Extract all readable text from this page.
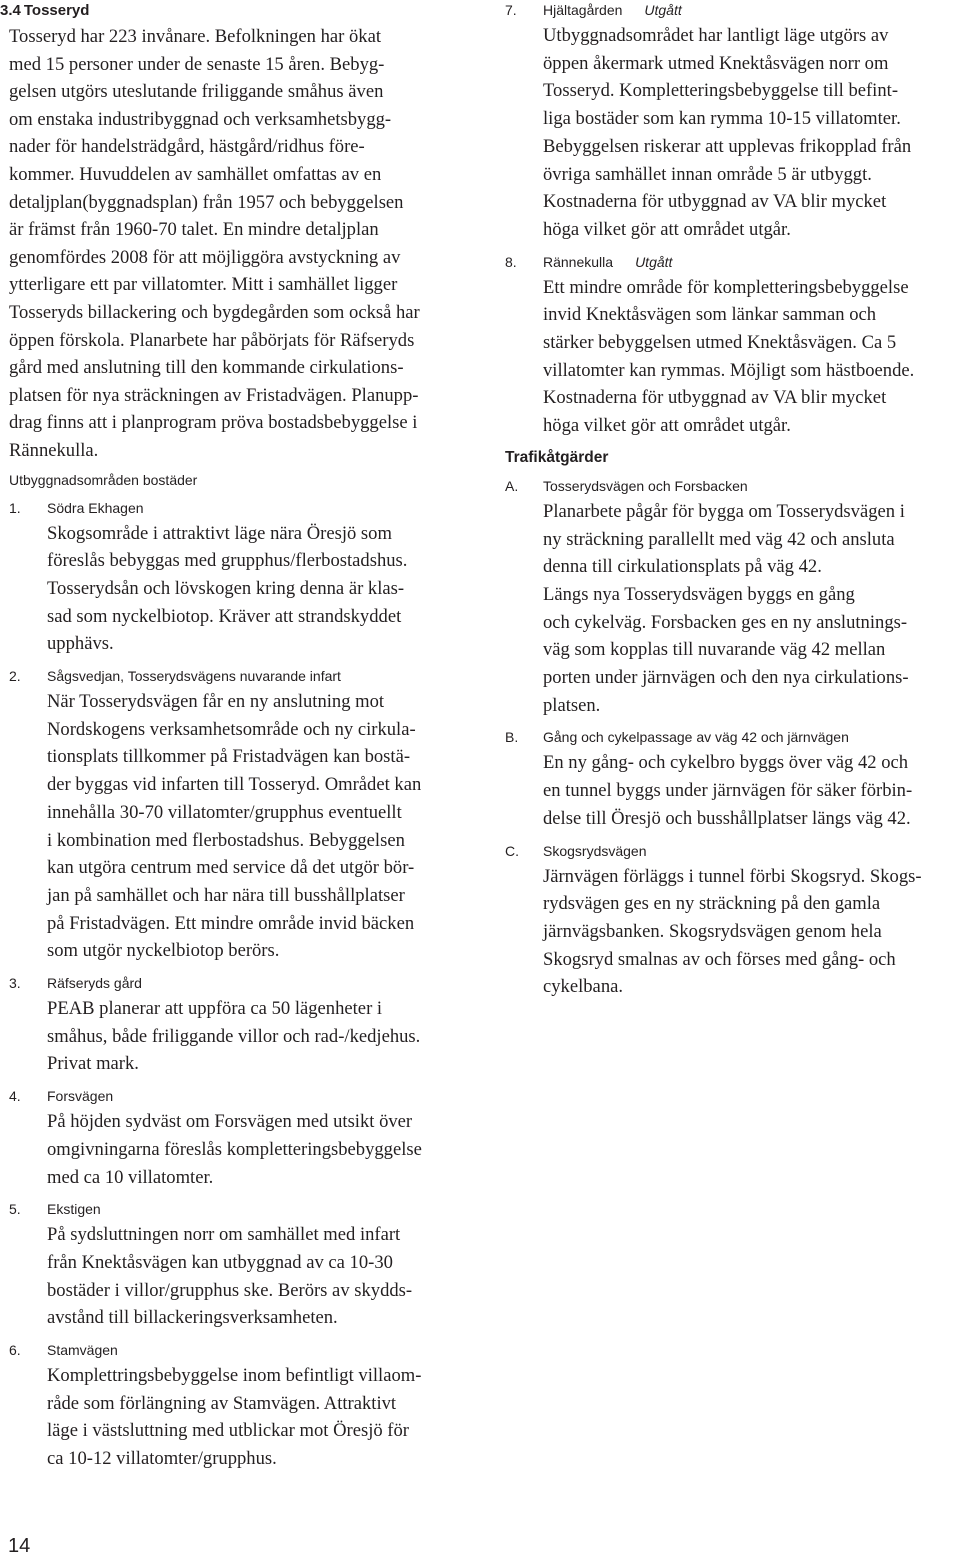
3.4 Tosseryd

Tosseryd har 223 invånare. Befolkningen har ökat
med 15 personer under de senaste 15 åren. Bebyg-
gelsen utgörs uteslutande friliggande småhus även
om enstaka industribyggnad och verksamhetsbygg-
nader för handelsträdgård, hästgård/ridhus före-
kommer. Huvuddelen av samhället omfattas av en
detaljplan(byggnadsplan) från 1957 och bebyggelsen
är främst från 1960-70 talet. En mindre detaljplan
genomfördes 2008 för att möjliggöra avstyckning av
ytterligare ett par villatomter. Mitt i samhället ligger
Tosseryds billackering och bygdegården som också har
öppen förskola. Planarbete har påbörjats för Räfseryds
gård med anslutning till den kommande cirkulations-
platsen för nya sträckningen av Fristadvägen. Planupp-
drag finns att i planprogram pröva bostadsbebyggelse i
Rännekulla.

Utbyggnadsområden bostäder
1. Södra Ekhagen
Skogsområde i attraktivt läge nära Öresjö som
föreslås bebyggas med grupphus/flerbostadshus.
Tosserydsån och lövskogen kring denna är klas-
sad som nyckelbiotop. Kräver att strandskyddet
upphävs.
2. Sågsvedjan, Tosserydsvägens nuvarande infart
När Tosserydsvägen får en ny anslutning mot
Nordskogens verksamhetsområde och ny cirkula-
tionsplats tillkommer på Fristadvägen kan bostä-
der byggas vid infarten till Tosseryd. Området kan
innehålla 30-70 villatomter/grupphus eventuellt
i kombination med flerbostadshus. Bebyggelsen
kan utgöra centrum med service då det utgör bör-
jan på samhället och har nära till busshållplatser
på Fristadvägen. Ett mindre område invid bäcken
som utgör nyckelbiotop berörs.
3. Räfseryds gård
PEAB planerar att uppföra ca 50 lägenheter i
småhus, både friliggande villor och rad-/kedjehus.
Privat mark.
4. Forsvägen
På höjden sydväst om Forsvägen med utsikt över
omgivningarna föreslås kompletteringsbebyggelse
med ca 10 villatomter.
5. Ekstigen
På sydsluttningen norr om samhället med infart
från Knektåsvägen kan utbyggnad av ca 10-30
bostäder i villor/grupphus ske. Berörs av skydds-
avstånd till billackeringsverksamheten.
6. Stamvägen
Komplettringsbebyggelse inom befintligt villaom-
råde som förlängning av Stamvägen. Attraktivt
läge i västsluttning med utblickar mot Öresjö för
ca 10-12 villatomter/grupphus.
7. Hjältagården Utgått
Utbyggnadsområdet har lantligt läge utgörs av
öppen åkermark utmed Knektåsvägen norr om
Tosseryd. Kompletteringsbebyggelse till befint-
liga bostäder som kan rymma 10-15 villatomter.
Bebyggelsen riskerar att upplevas frikopplad från
övriga samhället innan område 5 är utbyggt.
Kostnaderna för utbyggnad av VA blir mycket
höga vilket gör att området utgår.
8. Rännekulla Utgått
Ett mindre område för kompletteringsbebyggelse
invid Knektåsvägen som länkar samman och
stärker bebyggelsen utmed Knektåsvägen. Ca 5
villatomter kan rymmas. Möjligt som hästboende.
Kostnaderna för utbyggnad av VA blir mycket
höga vilket gör att området utgår.
Trafikåtgärder
A. Tosserydsvägen och Forsbacken
Planarbete pågår för bygga om Tosserydsvägen i
ny sträckning parallellt med väg 42 och ansluta
denna till cirkulationsplats på väg 42.
Längs nya Tosserydsvägen byggs en gång
och cykelväg. Forsbacken ges en ny anslutnings-
väg som kopplas till nuvarande väg 42 mellan
porten under järnvägen och den nya cirkulations-
platsen.
B. Gång och cykelpassage av väg 42 och järnvägen
En ny gång- och cykelbro byggs över väg 42 och
en tunnel byggs under järnvägen för säker förbin-
delse till Öresjö och busshållplatser längs väg 42.
C. Skogsrydsvägen
Järnvägen förläggs i tunnel förbi Skogsryd. Skogs-
rydsvägen ges en ny sträckning på den gamla
järnvägsbanken. Skogsrydsvägen genom hela
Skogsryd smalnas av och förses med gång- och
cykelbana.
14
